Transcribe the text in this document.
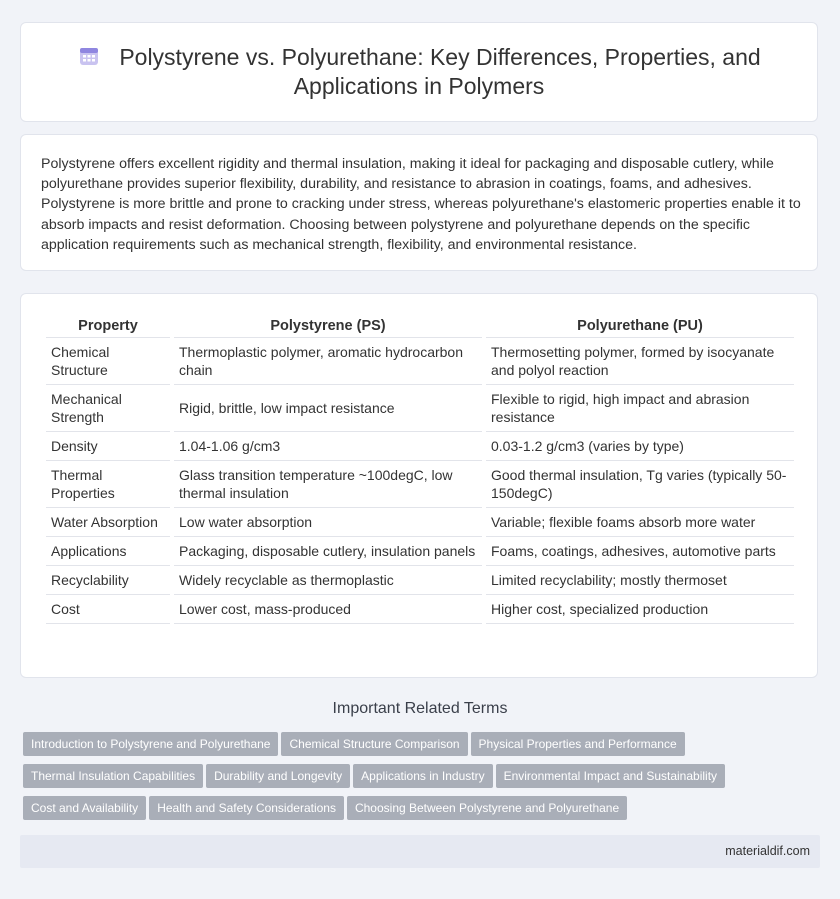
Polystyrene vs. Polyurethane: Key Differences, Properties, and Applications in Polymers
Polystyrene offers excellent rigidity and thermal insulation, making it ideal for packaging and disposable cutlery, while polyurethane provides superior flexibility, durability, and resistance to abrasion in coatings, foams, and adhesives. Polystyrene is more brittle and prone to cracking under stress, whereas polyurethane's elastomeric properties enable it to absorb impacts and resist deformation. Choosing between polystyrene and polyurethane depends on the specific application requirements such as mechanical strength, flexibility, and environmental resistance.
Property	Polystyrene (PS)	Polyurethane (PU)
Chemical Structure	Thermoplastic polymer, aromatic hydrocarbon chain	Thermosetting polymer, formed by isocyanate and polyol reaction
Mechanical Strength	Rigid, brittle, low impact resistance	Flexible to rigid, high impact and abrasion resistance
Density	1.04-1.06 g/cm3	0.03-1.2 g/cm3 (varies by type)
Thermal Properties	Glass transition temperature ~100degC, low thermal insulation	Good thermal insulation, Tg varies (typically 50-150degC)
Water Absorption	Low water absorption	Variable; flexible foams absorb more water
Applications	Packaging, disposable cutlery, insulation panels	Foams, coatings, adhesives, automotive parts
Recyclability	Widely recyclable as thermoplastic	Limited recyclability; mostly thermoset
Cost	Lower cost, mass-produced	Higher cost, specialized production
Important Related Terms
Introduction to Polystyrene and Polyurethane Chemical Structure Comparison Physical Properties and Performance
Thermal Insulation Capabilities Durability and Longevity Applications in Industry Environmental Impact and Sustainability
Cost and Availability Health and Safety Considerations Choosing Between Polystyrene and Polyurethane
materialdif.com
